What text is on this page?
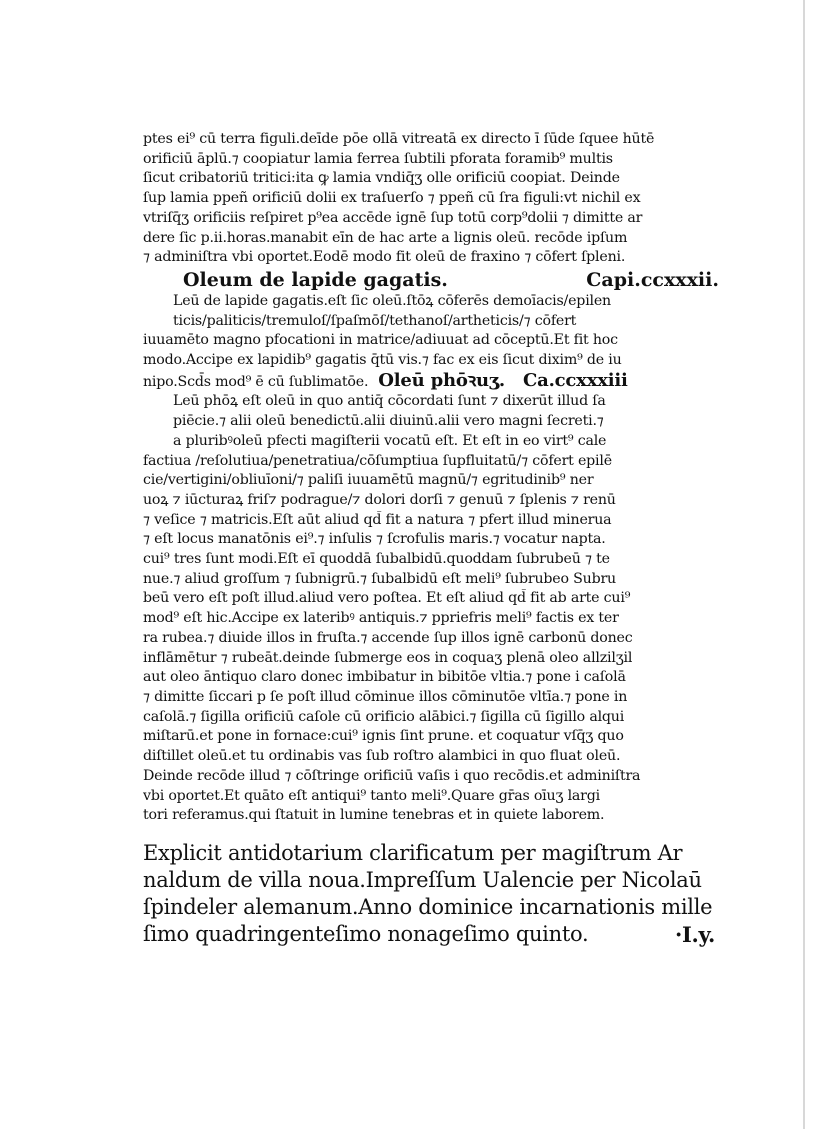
ptes ei⁹ cū terra figuli.deīde pōe ollā vitreatā ex directo ī ſūde ſquee hūtē
orificiū āplū.⁊ coopiatur lamia ferrea ſubtili pforata foramib⁹ multis
ſicut cribatoriū tritici:ita ꝙ lamia vndiq̄ʒ olle orificiū coopiat. Deinde
ſup lamia ppeñ orificiū dolii ex traſuerſo ⁊ ppeñ cū ſra figuli:vt nichil ex
vtriſq̄ʒ orificiis reſpiret p⁹ea accēde ignē ſup totū corp⁹dolii ⁊ dimitte ar
dere ſic p.ii.horas.manabit eīn de hac arte a lignis oleū. recōde ipſum
⁊ adminiſtra vbi oportet.Eodē modo fit oleū de fraxino ⁊ cōfert ſpleni.
Oleum de lapide gagatis.	Capi.ccxxxii.
Leū de lapide gagatis.eſt ſic oleū.ſtōꝝ cōferēs demoīacis/epilen
ticis/paliticis/tremuloſ/ſpaſmōſ/tethanoſ/artheticis/⁊ cōfert
iuuamēto magno pfocationi in matrice/adiuuat ad cōceptū.Et fit hoc
modo.Accipe ex lapidib⁹ gagatis q̄tū vis.⁊ fac ex eis ſicut dixim⁹ de iu
nipo.Scd̄s mod⁹ ē cū ſublimatōe. Oleū phōꝛuʒ. Ca.ccxxxiii
Leū phōꝝ eſt oleū in quo antiq̄ cōcordati ſunt ⁊ dixerūt illud ſa
piēcie.⁊ alii oleū benedictū.alii diuinū.alii vero magni ſecreti.⁊
a pluribꝰoleū pfecti magiſterii vocatū eſt. Et eſt in eo virt⁹ cale
factiua /reſolutiua/penetratiua/cōſumptiua ſupfluitatū/⁊ cōfert epilē
cie/vertigini/obliuīoni/⁊ paliſi iuuamētū magnū/⁊ egritudinib⁹ ner
uoꝝ ⁊ iūcturaꝝ friſ⁊ podrague/⁊ dolori dorſi ⁊ genuū ⁊ ſplenis ⁊ renū
⁊ veſice ⁊ matricis.Eſt aūt aliud qd̄ fit a natura ⁊ pfert illud minerua
⁊ eſt locus manatōnis ei⁹.⁊ inſulis ⁊ ſcrofulis maris.⁊ vocatur napta.
cui⁹ tres ſunt modi.Eſt eī quoddā ſubalbidū.quoddam ſubrubeū ⁊ te
nue.⁊ aliud groſſum ⁊ ſubnigrū.⁊ ſubalbidū eſt meli⁹ ſubrubeo Subru
beū vero eſt poſt illud.aliud vero poſtea. Et eſt aliud qd̄ fit ab arte cui⁹
mod⁹ eſt hic.Accipe ex lateribꝰ antiquis.⁊ ppriefris meli⁹ factis ex ter
ra rubea.⁊ diuide illos in fruſta.⁊ accende ſup illos ignē carbonū donec
inflāmētur ⁊ rubeāt.deinde ſubmerge eos in coquaʒ plenā oleo allzilʒil
aut oleo āntiquo claro donec imbibatur in bibitōe vltia.⁊ pone i caſolā
⁊ dimitte ſiccari p ſe poſt illud cōminue illos cōminutōe vltīa.⁊ pone in
caſolā.⁊ ſigilla orificiū caſole cū orificio alābici.⁊ ſigilla cū ſigillo alqui
miſtarū.et pone in fornace:cui⁹ ignis ſint prune. et coquatur vſq̄ʒ quo
diſtillet oleū.et tu ordinabis vas ſub roſtro alambici in quo fluat oleū.
Deinde recōde illud ⁊ cōſtringe orificiū vaſis i quo recōdis.et adminiſtra
vbi oportet.Et quāto eſt antiqui⁹ tanto meli⁹.Quare gr̄as oīuʒ largi
tori referamus.qui ſtatuit in lumine tenebras et in quiete laborem.
Explicit antidotarium clarificatum per magiſtrum Ar
naldum de villa noua.Impreſſum Ualencie per Nicolaū
ſpindeler alemanum.Anno dominice incarnationis mille
ſimo quadringenteſimo nonageſimo quinto.	·I.y.
